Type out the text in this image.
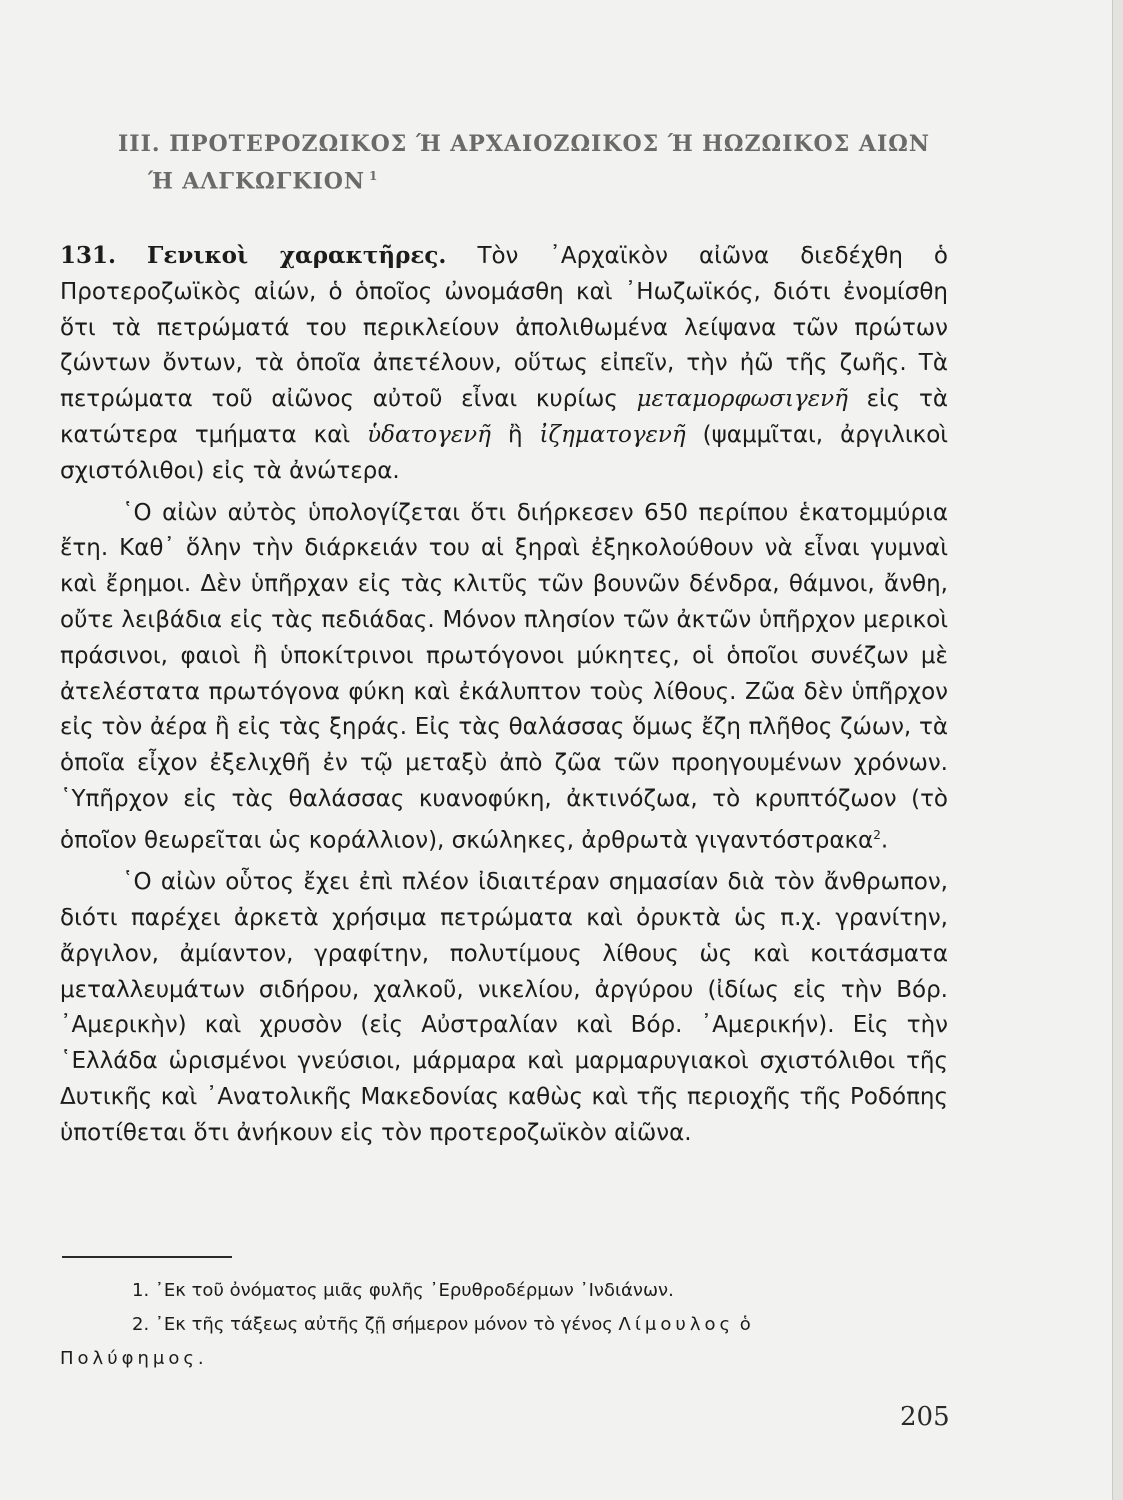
III. ΠΡΟΤΕΡΟΖΩΙΚΟΣ Ή ΑΡΧΑΙΟΖΩΙΚΟΣ Ή ΗΩΖΩΙΚΟΣ ΑΙΩΝ
Ή ΑΛΓΚΩΓΚΙΟΝ $^1$

131. Γενικοὶ χαρακτῆρες. Τὸν ᾿Αρχαϊκὸν αἰῶνα διεδέχθη ὁ Προτεροζωϊκὸς αἰών, ὁ ὁποῖος ὠνομάσθη καὶ ᾿Ηωζωϊκός, διότι ἐνομίσθη ὅτι τὰ πετρώματά του περικλείουν ἀπολιθωμένα λείψανα τῶν πρώτων ζώντων ὄντων, τὰ ὁποῖα ἀπετέλουν, οὕτως εἰπεῖν, τὴν ἠῶ τῆς ζωῆς. Τὰ πετρώματα τοῦ αἰῶνος αὐτοῦ εἶναι κυρίως μεταμορφωσιγενῆ εἰς τὰ κατώτερα τμήματα καὶ ὑδατογενῆ ἢ ἰζηματογενῆ (ψαμμῖται, ἀργιλικοὶ σχιστόλιθοι) εἰς τὰ ἀνώτερα.

῾Ο αἰὼν αὐτὸς ὑπολογίζεται ὅτι διήρκεσεν 650 περίπου ἑκατομμύρια ἔτη. Καθ᾿ ὅλην τὴν διάρκειάν του αἱ ξηραὶ ἐξηκολούθουν νὰ εἶναι γυμναὶ καὶ ἔρημοι. Δὲν ὑπῆρχαν εἰς τὰς κλιτῦς τῶν βουνῶν δένδρα, θάμνοι, ἄνθη, οὔτε λειβάδια εἰς τὰς πεδιάδας. Μόνον πλησίον τῶν ἀκτῶν ὑπῆρχον μερικοὶ πράσινοι, φαιοὶ ἢ ὑποκίτρινοι πρωτόγονοι μύκητες, οἱ ὁποῖοι συνέζων μὲ ἀτελέστατα πρωτόγονα φύκη καὶ ἐκάλυπτον τοὺς λίθους. Ζῶα δὲν ὑπῆρχον εἰς τὸν ἀέρα ἢ εἰς τὰς ξηράς. Εἰς τὰς θαλάσσας ὅμως ἔζη πλῆθος ζώων, τὰ ὁποῖα εἶχον ἐξελιχθῆ ἐν τῷ μεταξὺ ἀπὸ ζῶα τῶν προηγουμένων χρόνων. ῾Υπῆρχον εἰς τὰς θαλάσσας κυανοφύκη, ἀκτινόζωα, τὸ κρυπτόζωον (τὸ ὁποῖον θεωρεῖται ὡς κοράλλιον), σκώληκες, ἀρθρωτὰ γιγαντόστρακα$^2$.

῾Ο αἰὼν οὗτος ἔχει ἐπὶ πλέον ἰδιαιτέραν σημασίαν διὰ τὸν ἄνθρωπον, διότι παρέχει ἀρκετὰ χρήσιμα πετρώματα καὶ ὀρυκτὰ ὡς π.χ. γρανίτην, ἄργιλον, ἀμίαντον, γραφίτην, πολυτίμους λίθους ὡς καὶ κοιτάσματα μεταλλευμάτων σιδήρου, χαλκοῦ, νικελίου, ἀργύρου (ἰδίως εἰς τὴν Βόρ. ᾿Αμερικὴν) καὶ χρυσὸν (εἰς Αὐστραλίαν καὶ Βόρ. ᾿Αμερικήν). Εἰς τὴν ῾Ελλάδα ὡρισμένοι γνεύσιοι, μάρμαρα καὶ μαρμαρυγιακοὶ σχιστόλιθοι τῆς Δυτικῆς καὶ ᾿Ανατολικῆς Μακεδονίας καθὼς καὶ τῆς περιοχῆς τῆς Ροδόπης ὑποτίθεται ὅτι ἀνήκουν εἰς τὸν προτεροζωϊκὸν αἰῶνα.

1. ᾿Εκ τοῦ ὀνόματος μιᾶς φυλῆς ᾿Ερυθροδέρμων ᾿Ινδιάνων.
2. ᾿Εκ τῆς τάξεως αὐτῆς ζῇ σήμερον μόνον τὸ γένος Λίμουλος ὁ
Πολύφημος.
205
